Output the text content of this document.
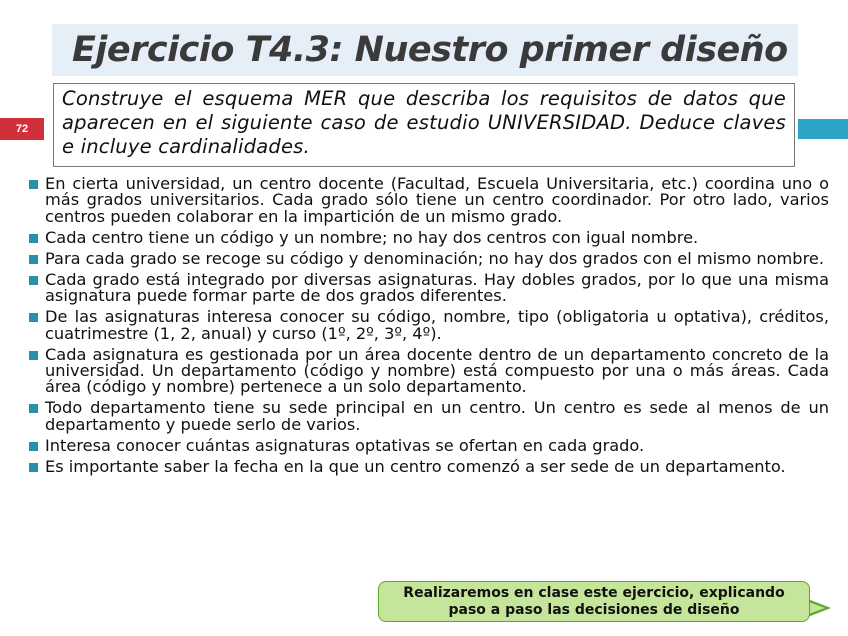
Ejercicio T4.3: Nuestro primer diseño
72

Construye el esquema MER que describa los requisitos de datos que aparecen en el siguiente caso de estudio UNIVERSIDAD. Deduce claves e incluye cardinalidades.

En cierta universidad, un centro docente (Facultad, Escuela Universitaria, etc.) coordina uno o más grados universitarios. Cada grado sólo tiene un centro coordinador. Por otro lado, varios centros pueden colaborar en la impartición de un mismo grado.
Cada centro tiene un código y un nombre; no hay dos centros con igual nombre.
Para cada grado se recoge su código y denominación; no hay dos grados con el mismo nombre.
Cada grado está integrado por diversas asignaturas. Hay dobles grados, por lo que una misma asignatura puede formar parte de dos grados diferentes.
De las asignaturas interesa conocer su código, nombre, tipo (obligatoria u optativa), créditos, cuatrimestre (1, 2, anual) y curso (1º, 2º, 3º, 4º).
Cada asignatura es gestionada por un área docente dentro de un departamento concreto de la universidad. Un departamento (código y nombre) está compuesto por una o más áreas. Cada área (código y nombre) pertenece a un solo departamento.
Todo departamento tiene su sede principal en un centro. Un centro es sede al menos de un departamento y puede serlo de varios.
Interesa conocer cuántas asignaturas optativas se ofertan en cada grado.
Es importante saber la fecha en la que un centro comenzó a ser sede de un departamento.
Realizaremos en clase este ejercicio, explicando
paso a paso las decisiones de diseño
